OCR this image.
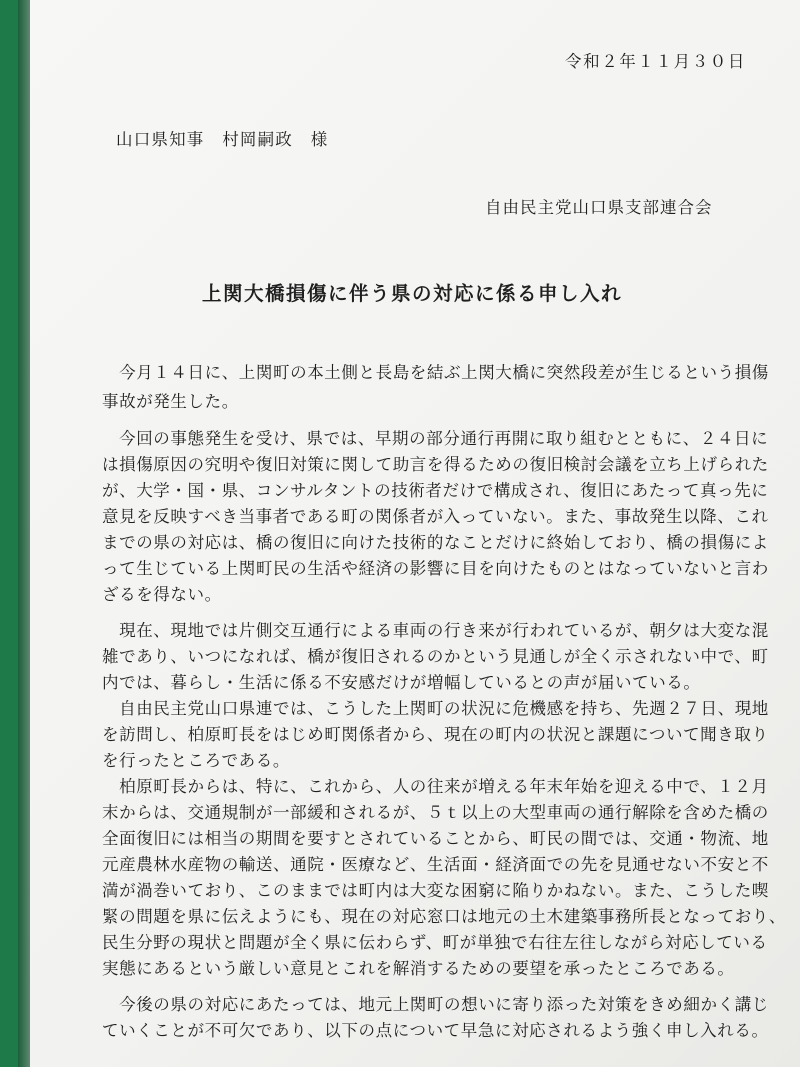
令和２年１１月３０日

山口県知事　村岡嗣政　様

自由民主党山口県支部連合会

上関大橋損傷に伴う県の対応に係る申し入れ

　今月１４日に、上関町の本土側と長島を結ぶ上関大橋に突然段差が生じるという損傷

事故が発生した。

　今回の事態発生を受け、県では、早期の部分通行再開に取り組むとともに、２４日に

は損傷原因の究明や復旧対策に関して助言を得るための復旧検討会議を立ち上げられた

が、大学・国・県、コンサルタントの技術者だけで構成され、復旧にあたって真っ先に

意見を反映すべき当事者である町の関係者が入っていない。また、事故発生以降、これ

までの県の対応は、橋の復旧に向けた技術的なことだけに終始しており、橋の損傷によ

って生じている上関町民の生活や経済の影響に目を向けたものとはなっていないと言わ

ざるを得ない。

　現在、現地では片側交互通行による車両の行き来が行われているが、朝夕は大変な混

雑であり、いつになれば、橋が復旧されるのかという見通しが全く示されない中で、町

内では、暮らし・生活に係る不安感だけが増幅しているとの声が届いている。

　自由民主党山口県連では、こうした上関町の状況に危機感を持ち、先週２７日、現地

を訪問し、柏原町長をはじめ町関係者から、現在の町内の状況と課題について聞き取り

を行ったところである。

　柏原町長からは、特に、これから、人の往来が増える年末年始を迎える中で、１２月

末からは、交通規制が一部緩和されるが、５ｔ以上の大型車両の通行解除を含めた橋の

全面復旧には相当の期間を要すとされていることから、町民の間では、交通・物流、地

元産農林水産物の輸送、通院・医療など、生活面・経済面での先を見通せない不安と不

満が渦巻いており、このままでは町内は大変な困窮に陥りかねない。また、こうした喫

緊の問題を県に伝えようにも、現在の対応窓口は地元の土木建築事務所長となっており、

民生分野の現状と問題が全く県に伝わらず、町が単独で右往左往しながら対応している

実態にあるという厳しい意見とこれを解消するための要望を承ったところである。

　今後の県の対応にあたっては、地元上関町の想いに寄り添った対策をきめ細かく講じ

ていくことが不可欠であり、以下の点について早急に対応されるよう強く申し入れる。
